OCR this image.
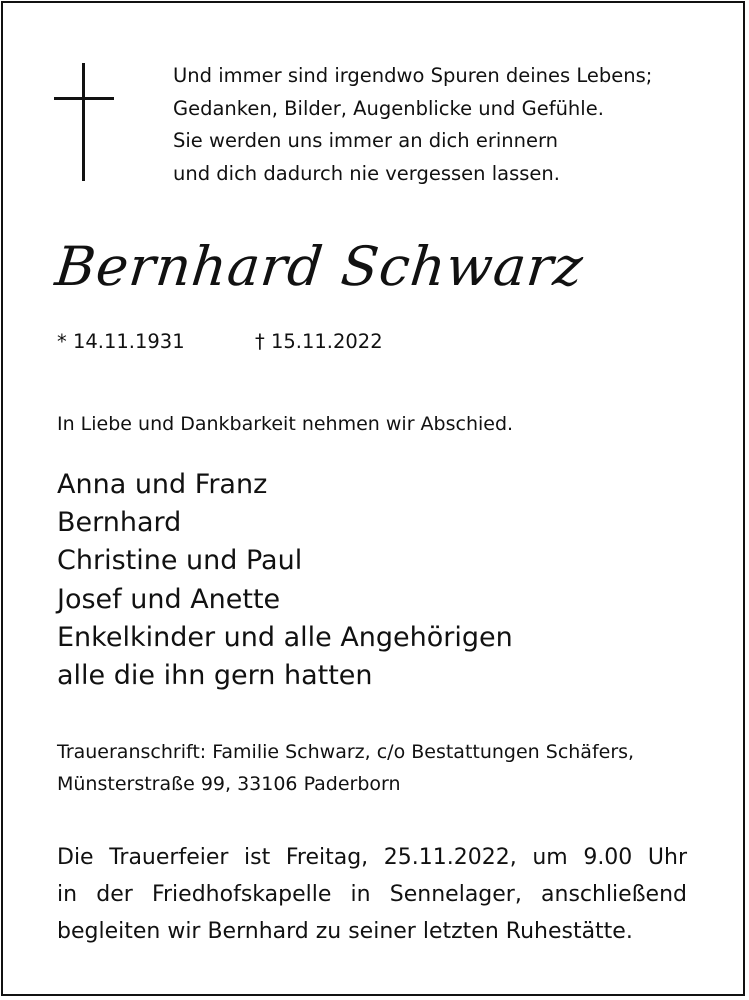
Und immer sind irgendwo Spuren deines Lebens;
Gedanken, Bilder, Augenblicke und Gefühle.
Sie werden uns immer an dich erinnern
und dich dadurch nie vergessen lassen.
Bernhard Schwarz
* 14.11.1931	† 15.11.2022
In Liebe und Dankbarkeit nehmen wir Abschied.
Anna und Franz
Bernhard
Christine und Paul
Josef und Anette
Enkelkinder und alle Angehörigen
alle die ihn gern hatten
Traueranschrift: Familie Schwarz, c/o Bestattungen Schäfers,
Münsterstraße 99, 33106 Paderborn
Die Trauerfeier ist Freitag, 25.11.2022, um 9.00 Uhr
in der Friedhofskapelle in Sennelager, anschließend
begleiten wir Bernhard zu seiner letzten Ruhestätte.
